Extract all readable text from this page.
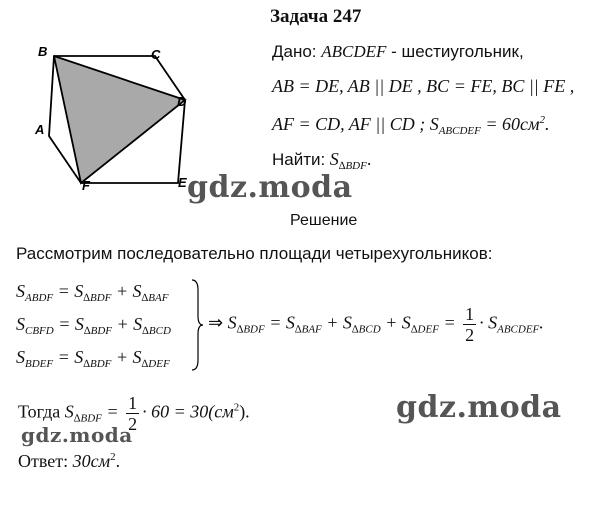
Задача 247
B	C
D
A
F	E
Дано: ABCDEF - шестиугольник,
AB = DE, AB || DE , BC = FE, BC || FE ,
AF = CD, AF || CD ; $S_{ABCDEF} = 60см^2$.
Найти: $S_{\Delta BDF}$.
Решение
Рассмотрим последовательно площади четырехугольников:
$S_{ABDF} = S_{\Delta BDF} + S_{\Delta BAF}$
$S_{CBFD} = S_{\Delta BDF} + S_{\Delta BCD}$
$S_{BDEF} = S_{\Delta BDF} + S_{\Delta DEF}$
⇒ $S_{\Delta BDF} = S_{\Delta BAF} + S_{\Delta BCD} + S_{\Delta DEF} = \frac{1}{2} \cdot S_{ABCDEF}$.
Тогда $S_{\Delta BDF} = \frac{1}{2} \cdot 60 = 30(см^2)$.
Ответ: $30см^2$.
gdz.moda
gdz.moda
gdz.moda
